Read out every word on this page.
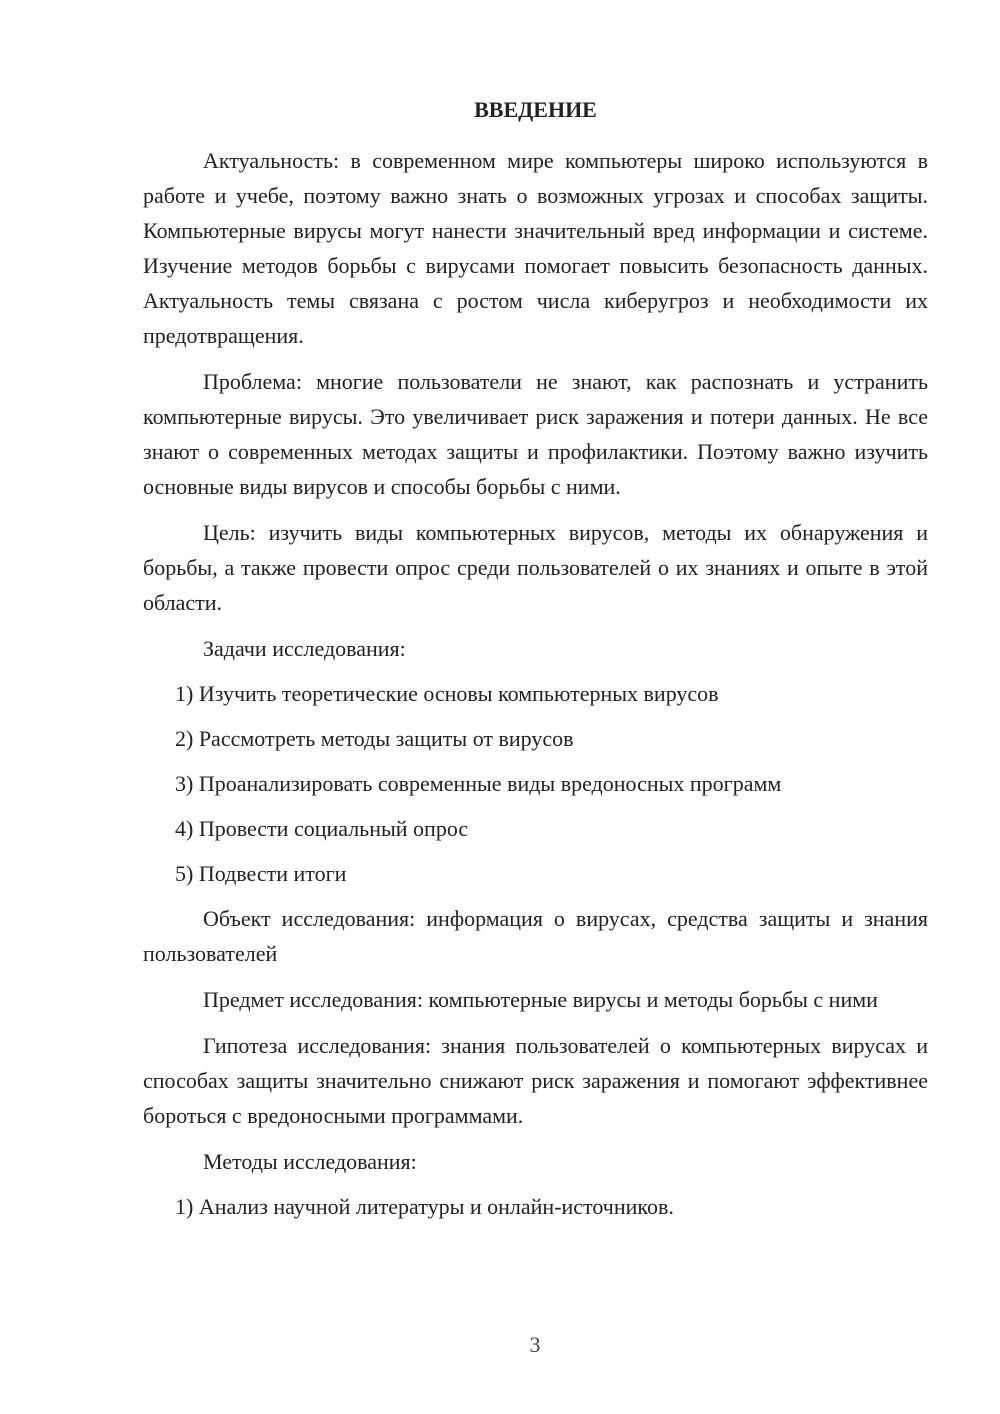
ВВЕДЕНИЕ

Актуальность: в современном мире компьютеры широко используются в работе и учебе, поэтому важно знать о возможных угрозах и способах защиты. Компьютерные вирусы могут нанести значительный вред информации и системе. Изучение методов борьбы с вирусами помогает повысить безопасность данных. Актуальность темы связана с ростом числа киберугроз и необходимости их предотвращения.

Проблема: многие пользователи не знают, как распознать и устранить компьютерные вирусы. Это увеличивает риск заражения и потери данных. Не все знают о современных методах защиты и профилактики. Поэтому важно изучить основные виды вирусов и способы борьбы с ними.

Цель: изучить виды компьютерных вирусов, методы их обнаружения и борьбы, а также провести опрос среди пользователей о их знаниях и опыте в этой области.

Задачи исследования:

1) Изучить теоретические основы компьютерных вирусов
2) Рассмотреть методы защиты от вирусов
3) Проанализировать современные виды вредоносных программ
4) Провести социальный опрос
5) Подвести итоги

Объект исследования: информация о вирусах, средства защиты и знания пользователей

Предмет исследования: компьютерные вирусы и методы борьбы с ними

Гипотеза исследования: знания пользователей о компьютерных вирусах и способах защиты значительно снижают риск заражения и помогают эффективнее бороться с вредоносными программами.

Методы исследования:

1) Анализ научной литературы и онлайн-источников.
3
